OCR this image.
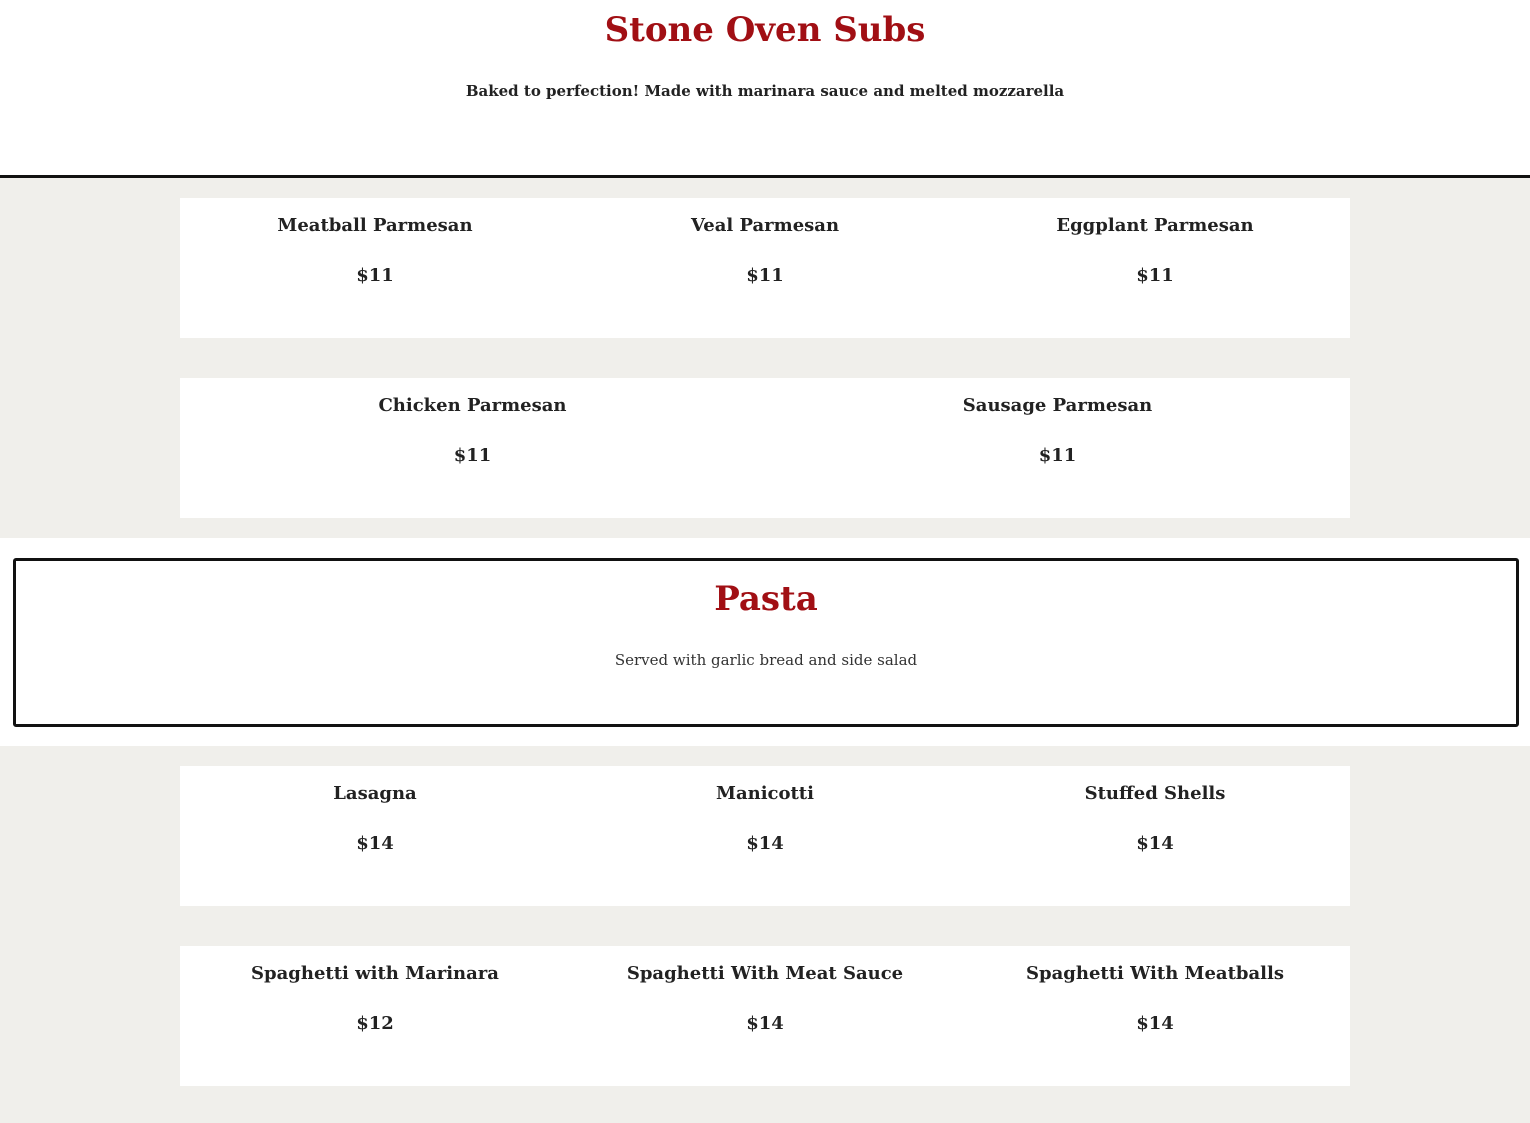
Stone Oven Subs
Baked to perfection! Made with marinara sauce and melted mozzarella
Meatball Parmesan
$11
Veal Parmesan
$11
Eggplant Parmesan
$11
Chicken Parmesan
$11
Sausage Parmesan
$11
Pasta
Served with garlic bread and side salad
Lasagna
$14
Manicotti
$14
Stuffed Shells
$14
Spaghetti with Marinara
$12
Spaghetti With Meat Sauce
$14
Spaghetti With Meatballs
$14
